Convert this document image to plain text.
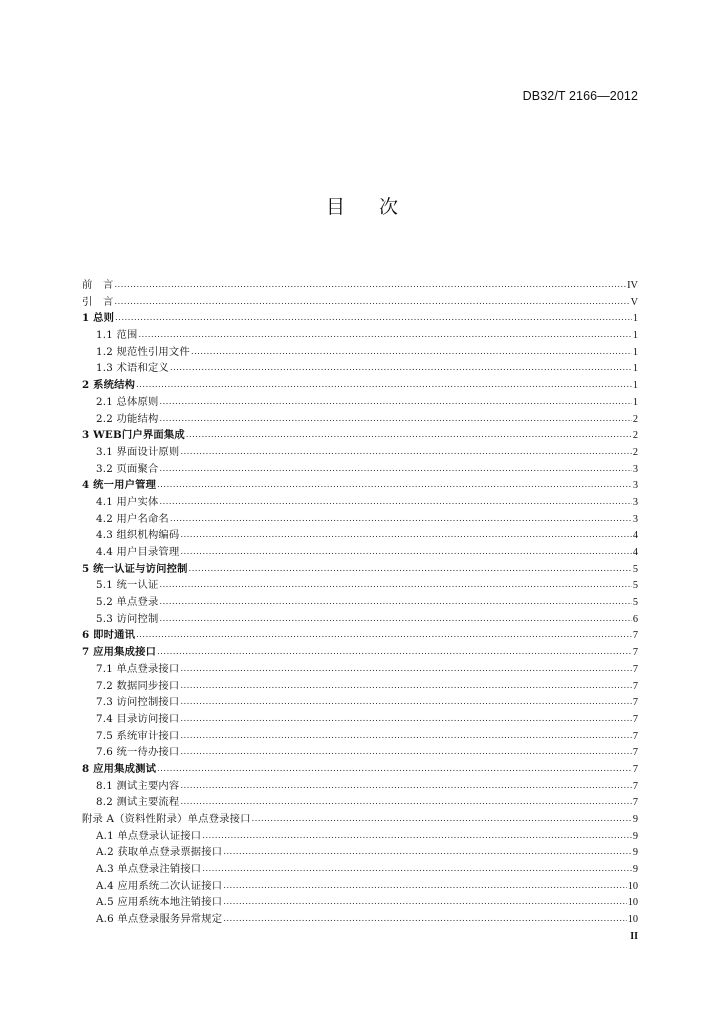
DB32/T 2166—2012
目次
前　言 .....	IV
引　言 .....	V
1 总则 .....	1
1.1 范围 .....	1
1.2 规范性引用文件 .....	1
1.3 术语和定义 .....	1
2 系统结构 .....	1
2.1 总体原则 .....	1
2.2 功能结构 .....	2
3 WEB门户界面集成 .....	2
3.1 界面设计原则 .....	2
3.2 页面聚合 .....	3
4 统一用户管理 .....	3
4.1 用户实体 .....	3
4.2 用户名命名 .....	3
4.3 组织机构编码 .....	4
4.4 用户目录管理 .....	4
5 统一认证与访问控制 .....	5
5.1 统一认证 .....	5
5.2 单点登录 .....	5
5.3 访问控制 .....	6
6 即时通讯 .....	7
7 应用集成接口 .....	7
7.1 单点登录接口 .....	7
7.2 数据同步接口 .....	7
7.3 访问控制接口 .....	7
7.4 目录访问接口 .....	7
7.5 系统审计接口 .....	7
7.6 统一待办接口 .....	7
8 应用集成测试 .....	7
8.1 测试主要内容 .....	7
8.2 测试主要流程 .....	7
附录 A（资料性附录）单点登录接口 .....	9
A.1 单点登录认证接口 .....	9
A.2 获取单点登录票据接口 .....	9
A.3 单点登录注销接口 .....	9
A.4 应用系统二次认证接口 .....	10
A.5 应用系统本地注销接口 .....	10
A.6 单点登录服务异常规定 .....	10
II
